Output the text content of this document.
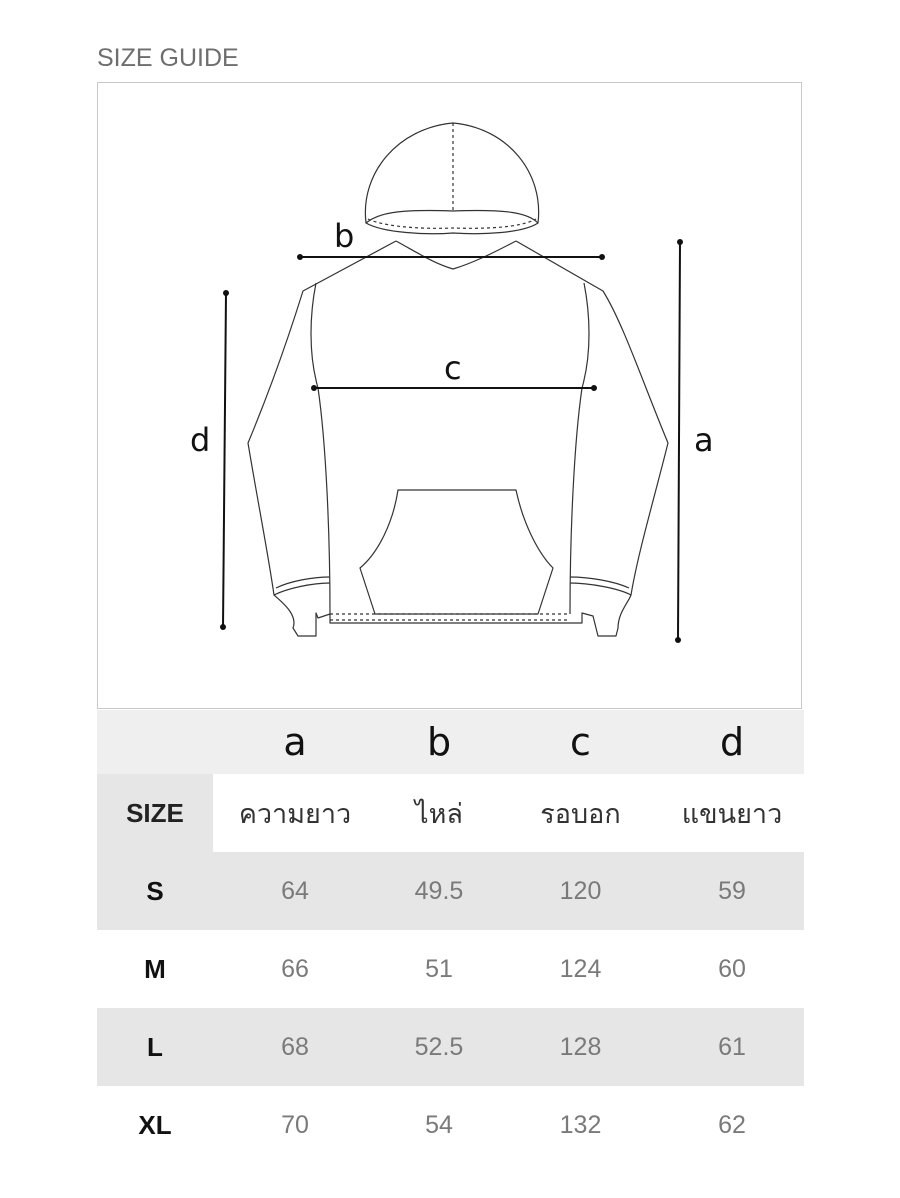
SIZE GUIDE
b
c
d	a
	a	b	c	d
SIZE	ความยาว	ไหล่	รอบอก	แขนยาว
S	64	49.5	120	59
M	66	51	124	60
L	68	52.5	128	61
XL	70	54	132	62
